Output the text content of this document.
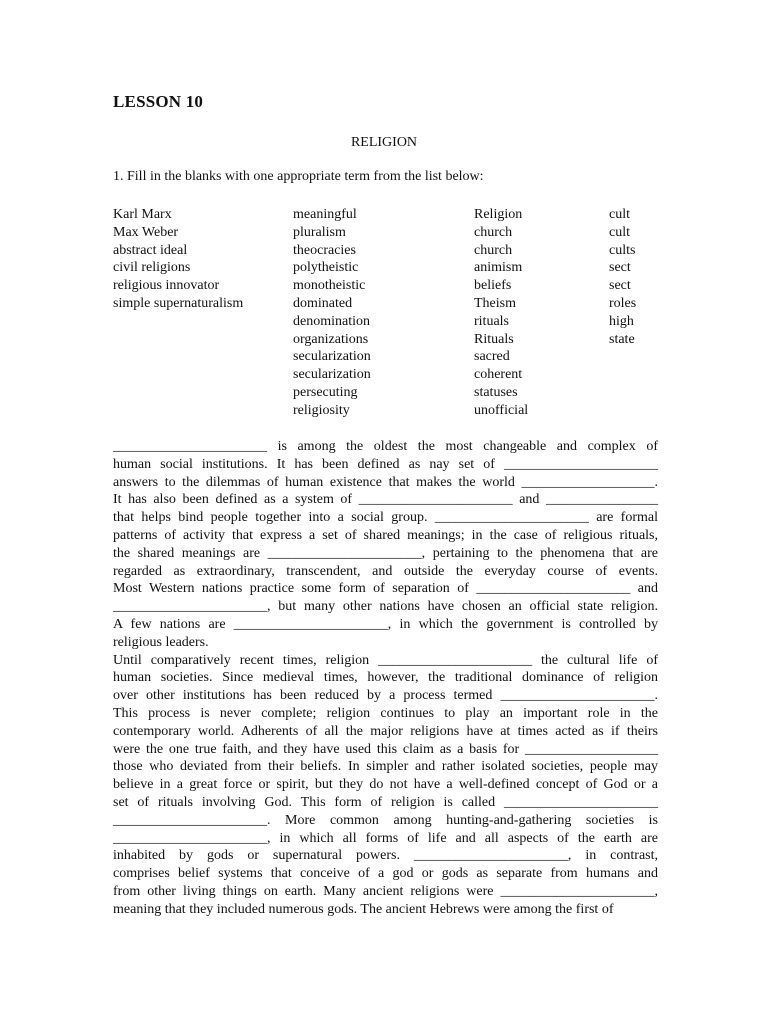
LESSON 10
RELIGION
1. Fill in the blanks with one appropriate term from the list below:
Karl Marx
Max Weber
abstract ideal
civil religions
religious innovator
simple supernaturalism
meaningful
pluralism
theocracies
polytheistic
monotheistic
dominated
denomination
organizations
secularization
secularization
persecuting
religiosity
Religion
church
church
animism
beliefs
Theism
rituals
Rituals
sacred
coherent
statuses
unofficial
cult
cult
cults
sect
sect
roles
high
state

______________________ is among the oldest the most changeable and complex of

human social institutions. It has been defined as nay set of ______________________

answers to the dilemmas of human existence that makes the world ___________________.

It has also been defined as a system of ______________________ and ________________

that helps bind people together into a social group. ______________________ are formal

patterns of activity that express a set of shared meanings; in the case of religious rituals,

the shared meanings are ______________________, pertaining to the phenomena that are

regarded as extraordinary, transcendent, and outside the everyday course of events.

Most Western nations practice some form of separation of ______________________ and

______________________, but many other nations have chosen an official state religion.

A few nations are ______________________, in which the government is controlled by

religious leaders.

Until comparatively recent times, religion ______________________ the cultural life of

human societies. Since medieval times, however, the traditional dominance of religion

over other institutions has been reduced by a process termed ______________________.

This process is never complete; religion continues to play an important role in the

contemporary world. Adherents of all the major religions have at times acted as if theirs

were the one true faith, and they have used this claim as a basis for ___________________

those who deviated from their beliefs. In simpler and rather isolated societies, people may

believe in a great force or spirit, but they do not have a well-defined concept of God or a

set of rituals involving God. This form of religion is called ______________________

______________________. More common among hunting-and-gathering societies is

______________________, in which all forms of life and all aspects of the earth are

inhabited by gods or supernatural powers. ______________________, in contrast,

comprises belief systems that conceive of a god or gods as separate from humans and

from other living things on earth. Many ancient religions were ______________________,

meaning that they included numerous gods. The ancient Hebrews were among the first of
